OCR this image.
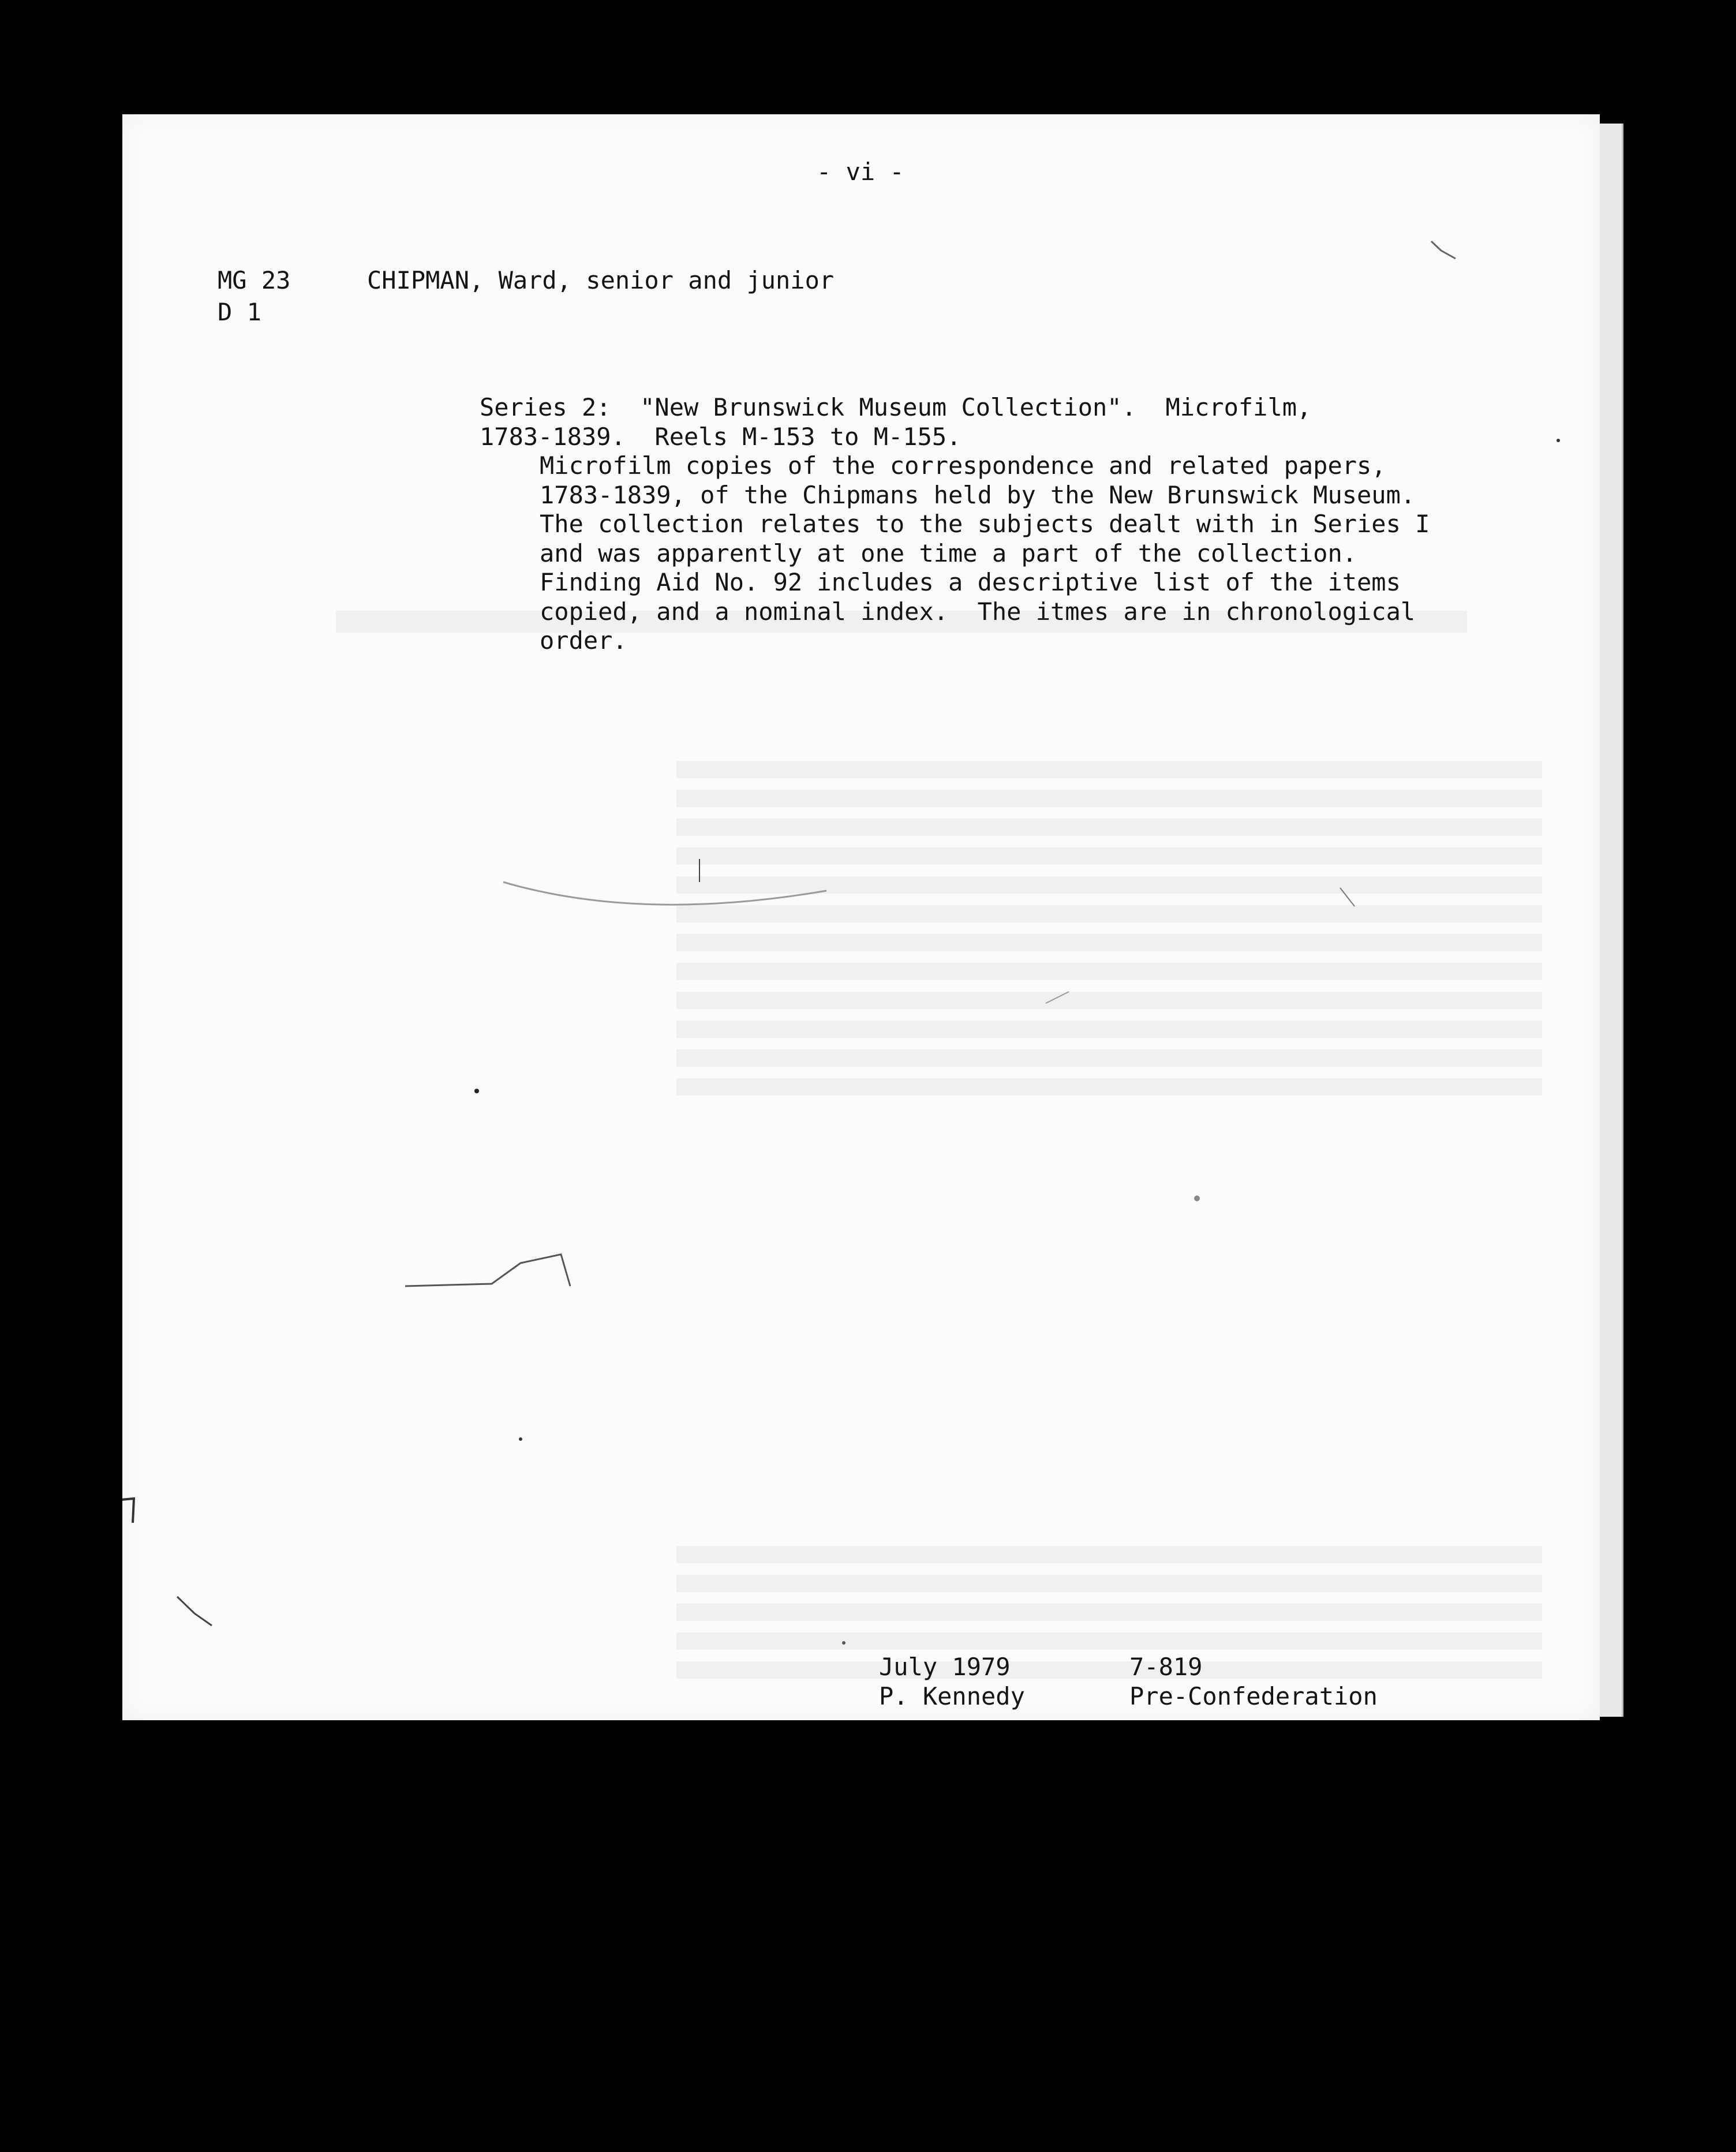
- vi -
MG 23
D 1
CHIPMAN, Ward, senior and junior
Series 2:  "New Brunswick Museum Collection".  Microfilm,
1783-1839.  Reels M-153 to M-155.
Microfilm copies of the correspondence and related papers,
1783-1839, of the Chipmans held by the New Brunswick Museum.
The collection relates to the subjects dealt with in Series I
and was apparently at one time a part of the collection.
Finding Aid No. 92 includes a descriptive list of the items
copied, and a nominal index.  The itmes are in chronological
order.
July 1979
P. Kennedy
7-819
Pre-Confederation
